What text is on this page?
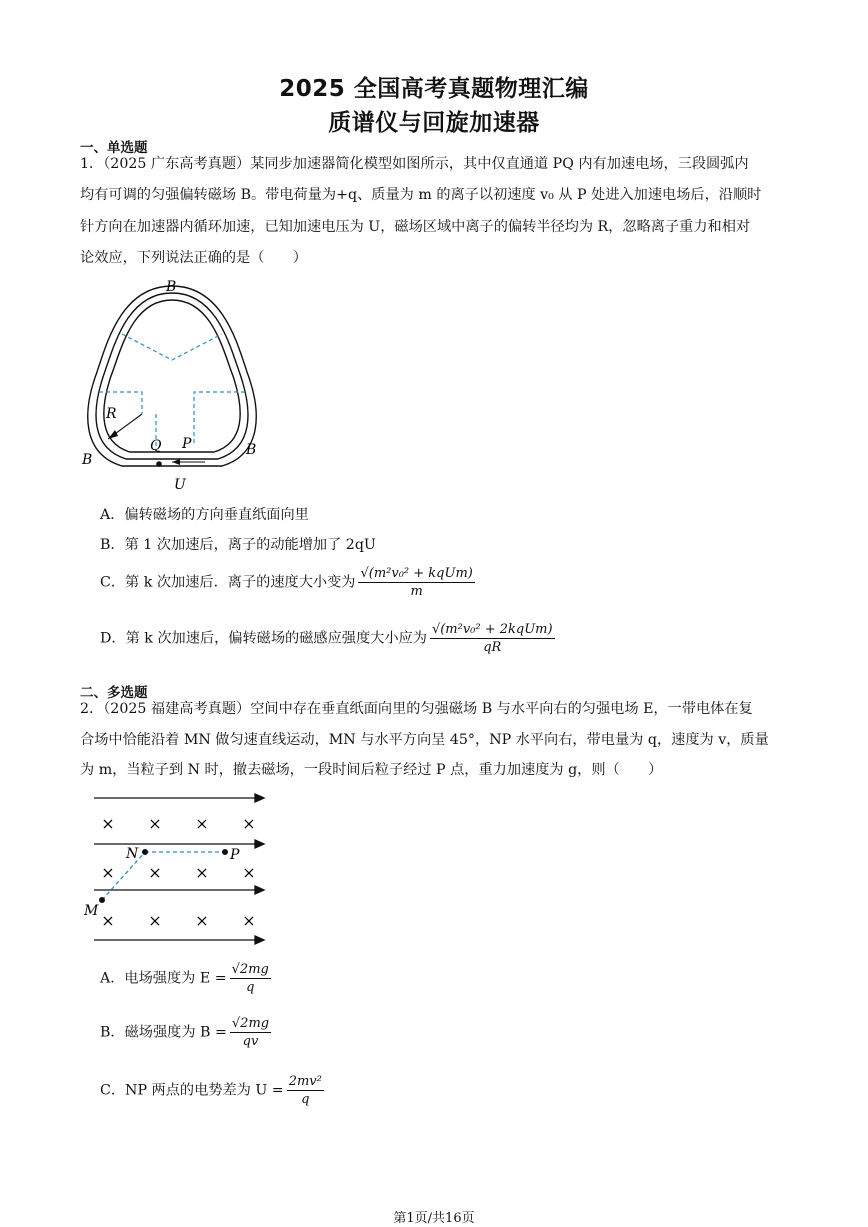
2025 全国高考真题物理汇编
质谱仪与回旋加速器
一、单选题
1．（2025 广东高考真题）某同步加速器简化模型如图所示，其中仅直通道 PQ 内有加速电场，三段圆弧内
均有可调的匀强偏转磁场 B。带电荷量为+q、质量为 m 的离子以初速度 v₀ 从 P 处进入加速电场后，沿顺时
针方向在加速器内循环加速，已知加速电压为 U，磁场区域中离子的偏转半径均为 R，忽略离子重力和相对
论效应，下列说法正确的是（　　）
B
B
B
R
Q P
U
A．偏转磁场的方向垂直纸面向里
B．第 1 次加速后，离子的动能增加了 2qU
C．第 k 次加速后．离子的速度大小变为 $\frac{\text{√(m²v₀² + kqUm)}}{m}$
D．第 k 次加速后，偏转磁场的磁感应强度大小应为 $\frac{\text{√(m²v₀² + 2kqUm)}}{qR}$
二、多选题
2．（2025 福建高考真题）空间中存在垂直纸面向里的匀强磁场 B 与水平向右的匀强电场 E，一带电体在复
合场中恰能沿着 MN 做匀速直线运动，MN 与水平方向呈 45°，NP 水平向右，带电量为 q，速度为 v，质量
为 m，当粒子到 N 时，撤去磁场，一段时间后粒子经过 P 点，重力加速度为 g，则（　　）
× × × ×
× × × ×
× × × ×
N	P
M
A．电场强度为 $E = \frac{√2mg}{q}$
B．磁场强度为 $B = \frac{√2mg}{qv}$
C．NP 两点的电势差为 $U = \frac{\text{2mv²}}{q}$
第1页/共16页
